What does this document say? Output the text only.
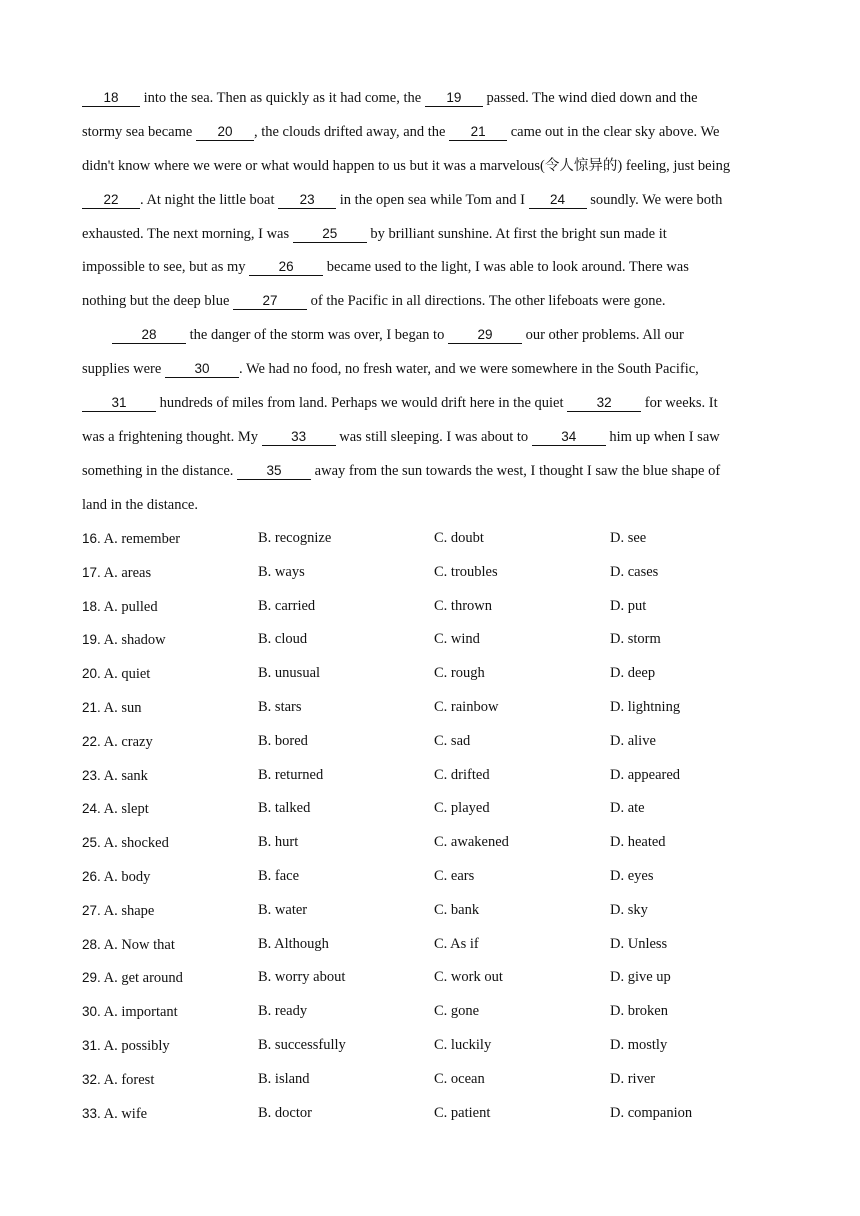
18 into the sea. Then as quickly as it had come, the 19 passed. The wind died down and the
stormy sea became 20 , the clouds drifted away, and the 21 came out in the clear sky above. We
didn't know where we were or what would happen to us but it was a marvelous(令人惊异的) feeling, just being
22 . At night the little boat 23 in the open sea while Tom and I 24 soundly. We were both
exhausted. The next morning, I was 25 by brilliant sunshine. At first the bright sun made it
impossible to see, but as my 26 became used to the light, I was able to look around. There was
nothing but the deep blue 27 of the Pacific in all directions. The other lifeboats were gone.
28 the danger of the storm was over, I began to 29 our other problems. All our
supplies were 30 . We had no food, no fresh water, and we were somewhere in the South Pacific,
31 hundreds of miles from land. Perhaps we would drift here in the quiet 32 for weeks. It
was a frightening thought. My 33 was still sleeping. I was about to 34 him up when I saw
something in the distance. 35 away from the sun towards the west, I thought I saw the blue shape of
land in the distance.
16. A. remember	B. recognize	C. doubt	D. see
17. A. areas	B. ways	C. troubles	D. cases
18. A. pulled	B. carried	C. thrown	D. put
19. A. shadow	B. cloud	C. wind	D. storm
20. A. quiet	B. unusual	C. rough	D. deep
21. A. sun	B. stars	C. rainbow	D. lightning
22. A. crazy	B. bored	C. sad	D. alive
23. A. sank	B. returned	C. drifted	D. appeared
24. A. slept	B. talked	C. played	D. ate
25. A. shocked	B. hurt	C. awakened	D. heated
26. A. body	B. face	C. ears	D. eyes
27. A. shape	B. water	C. bank	D. sky
28. A. Now that	B. Although	C. As if	D. Unless
29. A. get around	B. worry about	C. work out	D. give up
30. A. important	B. ready	C. gone	D. broken
31. A. possibly	B. successfully	C. luckily	D. mostly
32. A. forest	B. island	C. ocean	D. river
33. A. wife	B. doctor	C. patient	D. companion
